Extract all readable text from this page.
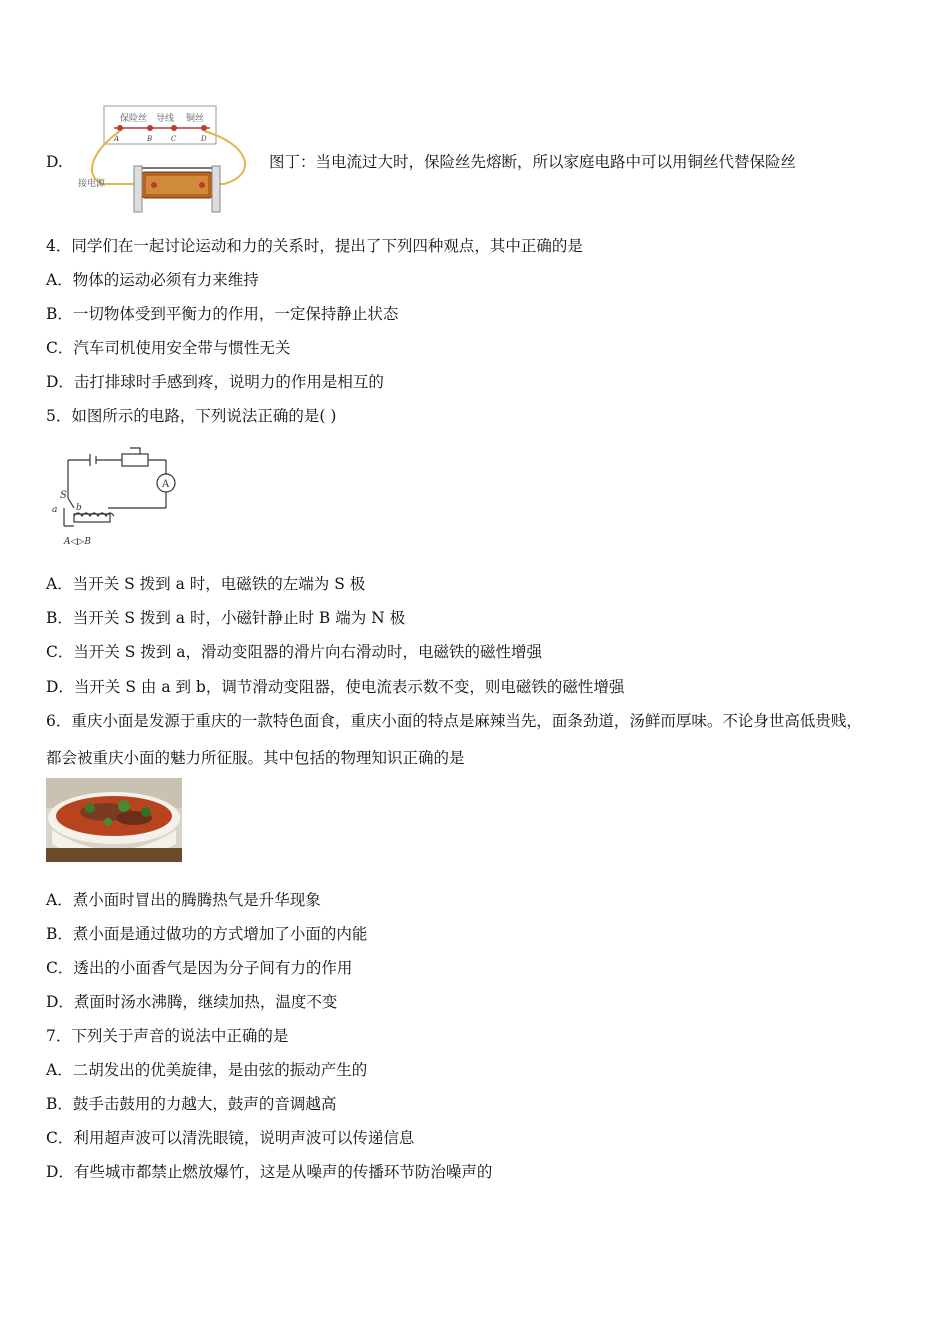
D.
保险丝 导线 铜丝
A	B	C	D
接电源
图丁：当电流过大时，保险丝先熔断，所以家庭电路中可以用铜丝代替保险丝
4．同学们在一起讨论运动和力的关系时，提出了下列四种观点，其中正确的是
A．物体的运动必须有力来维持
B．一切物体受到平衡力的作用，一定保持静止状态
C．汽车司机使用安全带与惯性无关
D．击打排球时手感到疼，说明力的作用是相互的
5．如图所示的电路，下列说法正确的是( )
A
S
a b
A◁▷B
A．当开关 S 拨到 a 时，电磁铁的左端为 S 极
B．当开关 S 拨到 a 时，小磁针静止时 B 端为 N 极
C．当开关 S 拨到 a，滑动变阻器的滑片向右滑动时，电磁铁的磁性增强
D．当开关 S 由 a 到 b，调节滑动变阻器，使电流表示数不变，则电磁铁的磁性增强
6．重庆小面是发源于重庆的一款特色面食，重庆小面的特点是麻辣当先，面条劲道，汤鲜而厚味。不论身世高低贵贱，
都会被重庆小面的魅力所征服。其中包括的物理知识正确的是
A．煮小面时冒出的腾腾热气是升华现象
B．煮小面是通过做功的方式增加了小面的内能
C．透出的小面香气是因为分子间有力的作用
D．煮面时汤水沸腾，继续加热，温度不变
7．下列关于声音的说法中正确的是
A．二胡发出的优美旋律，是由弦的振动产生的
B．鼓手击鼓用的力越大，鼓声的音调越高
C．利用超声波可以清洗眼镜，说明声波可以传递信息
D．有些城市都禁止燃放爆竹，这是从噪声的传播环节防治噪声的
